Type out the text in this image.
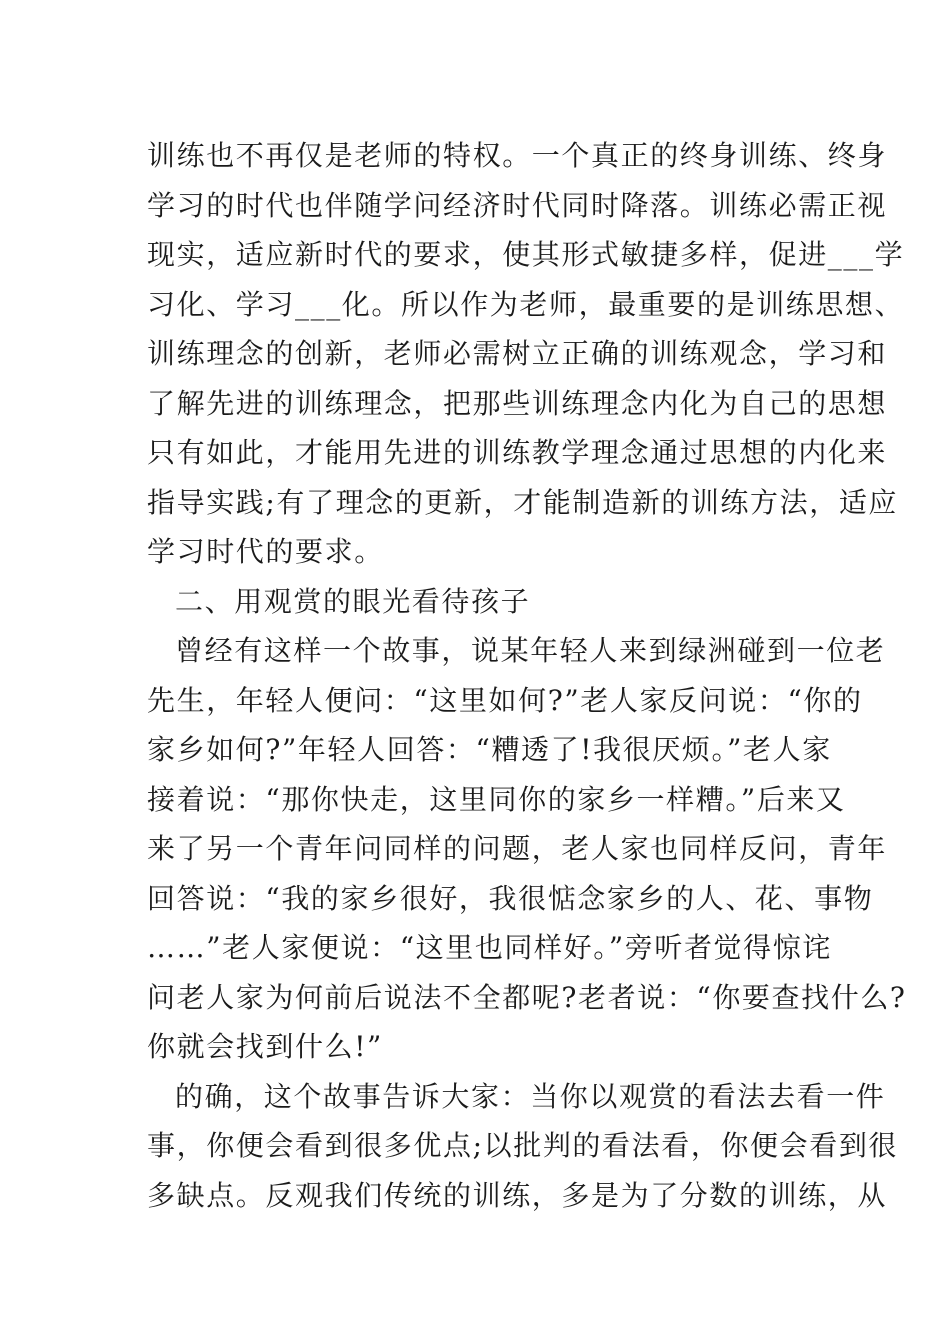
训练也不再仅是老师的特权。一个真正的终身训练、终身
学习的时代也伴随学问经济时代同时降落。训练必需正视
现实，适应新时代的要求，使其形式敏捷多样，促进___学
习化、学习___化。所以作为老师，最重要的是训练思想、
训练理念的创新，老师必需树立正确的训练观念，学习和
了解先进的训练理念，把那些训练理念内化为自己的思想
只有如此，才能用先进的训练教学理念通过思想的内化来
指导实践;有了理念的更新，才能制造新的训练方法，适应
学习时代的要求。
二、用观赏的眼光看待孩子
曾经有这样一个故事，说某年轻人来到绿洲碰到一位老
先生，年轻人便问：“这里如何?”老人家反问说：“你的
家乡如何?”年轻人回答：“糟透了!我很厌烦。”老人家
接着说：“那你快走，这里同你的家乡一样糟。”后来又
来了另一个青年问同样的问题，老人家也同样反问，青年
回答说：“我的家乡很好，我很惦念家乡的人、花、事物
……”老人家便说：“这里也同样好。”旁听者觉得惊诧
问老人家为何前后说法不全都呢?老者说：“你要查找什么?
你就会找到什么!”
的确，这个故事告诉大家：当你以观赏的看法去看一件
事，你便会看到很多优点;以批判的看法看，你便会看到很
多缺点。反观我们传统的训练，多是为了分数的训练，从
